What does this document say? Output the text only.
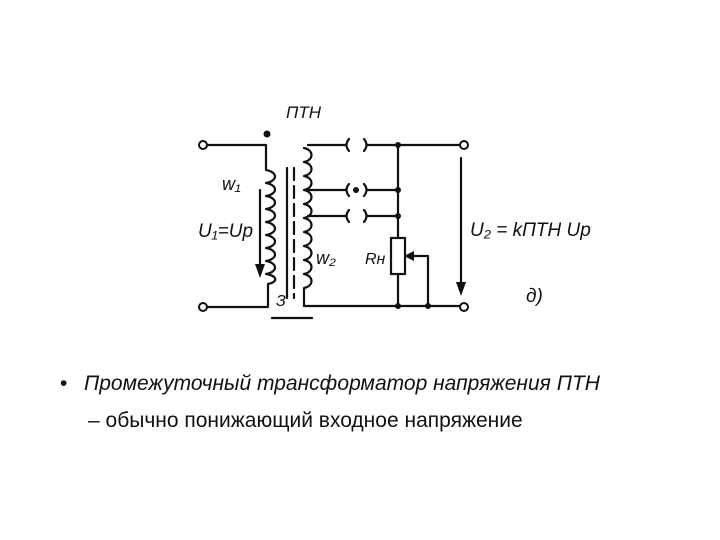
ПТН
w₁
U₁=Uр
w₂ Rн
U₂ = kПТН Uр
З	д)
• Промежуточный трансформатор напряжения ПТН
– обычно понижающий входное напряжение
